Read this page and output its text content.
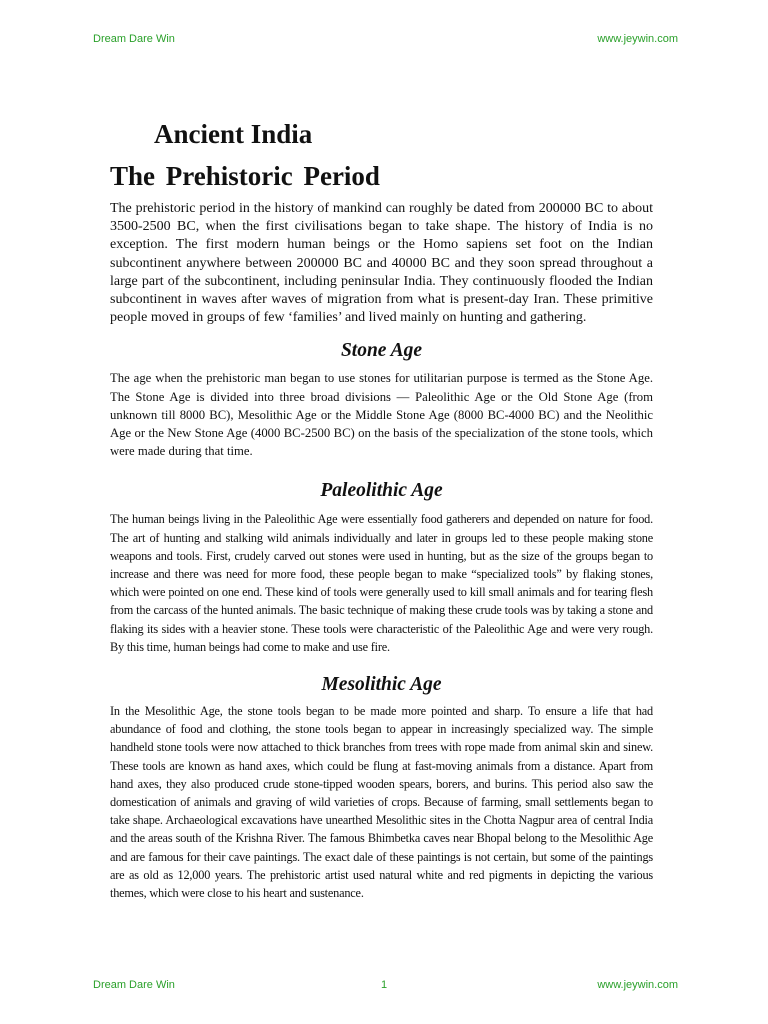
Dream Dare Win	www.jeywin.com
Ancient India
The Prehistoric Period

The prehistoric period in the history of mankind can roughly be dated from 200000 BC to about 3500-2500 BC, when the first civilisations began to take shape. The history of India is no exception. The first modern human beings or the Homo sapiens set foot on the Indian subcontinent anywhere between 200000 BC and 40000 BC and they soon spread throughout a large part of the subcontinent, including peninsular India. They continuously flooded the Indian subcontinent in waves after waves of migration from what is present-day Iran. These primitive people moved in groups of few ‘families’ and lived mainly on hunting and gathering.

Stone Age

The age when the prehistoric man began to use stones for utilitarian purpose is termed as the Stone Age. The Stone Age is divided into three broad divisions — Paleolithic Age or the Old Stone Age (from unknown till 8000 BC), Mesolithic Age or the Middle Stone Age (8000 BC-4000 BC) and the Neolithic Age or the New Stone Age (4000 BC-2500 BC) on the basis of the specialization of the stone tools, which were made during that time.

Paleolithic Age

The human beings living in the Paleolithic Age were essentially food gatherers and depended on nature for food. The art of hunting and stalking wild animals individually and later in groups led to these people making stone weapons and tools. First, crudely carved out stones were used in hunting, but as the size of the groups began to increase and there was need for more food, these people began to make “specialized tools” by flaking stones, which were pointed on one end. These kind of tools were generally used to kill small animals and for tearing flesh from the carcass of the hunted animals. The basic technique of making these crude tools was by taking a stone and flaking its sides with a heavier stone. These tools were characteristic of the Paleolithic Age and were very rough. By this time, human beings had come to make and use fire.

Mesolithic Age

In the Mesolithic Age, the stone tools began to be made more pointed and sharp. To ensure a life that had abundance of food and clothing, the stone tools began to appear in increasingly specialized way. The simple handheld stone tools were now attached to thick branches from trees with rope made from animal skin and sinew. These tools are known as hand axes, which could be flung at fast-moving animals from a distance. Apart from hand axes, they also produced crude stone-tipped wooden spears, borers, and burins. This period also saw the domestication of animals and graving of wild varieties of crops. Because of farming, small settlements began to take shape. Archaeological excavations have unearthed Mesolithic sites in the Chotta Nagpur area of central India and the areas south of the Krishna River. The famous Bhimbetka caves near Bhopal belong to the Mesolithic Age and are famous for their cave paintings. The exact dale of these paintings is not certain, but some of the paintings are as old as 12,000 years. The prehistoric artist used natural white and red pigments in depicting the various themes, which were close to his heart and sustenance.

Dream Dare Win	1	www.jeywin.com
